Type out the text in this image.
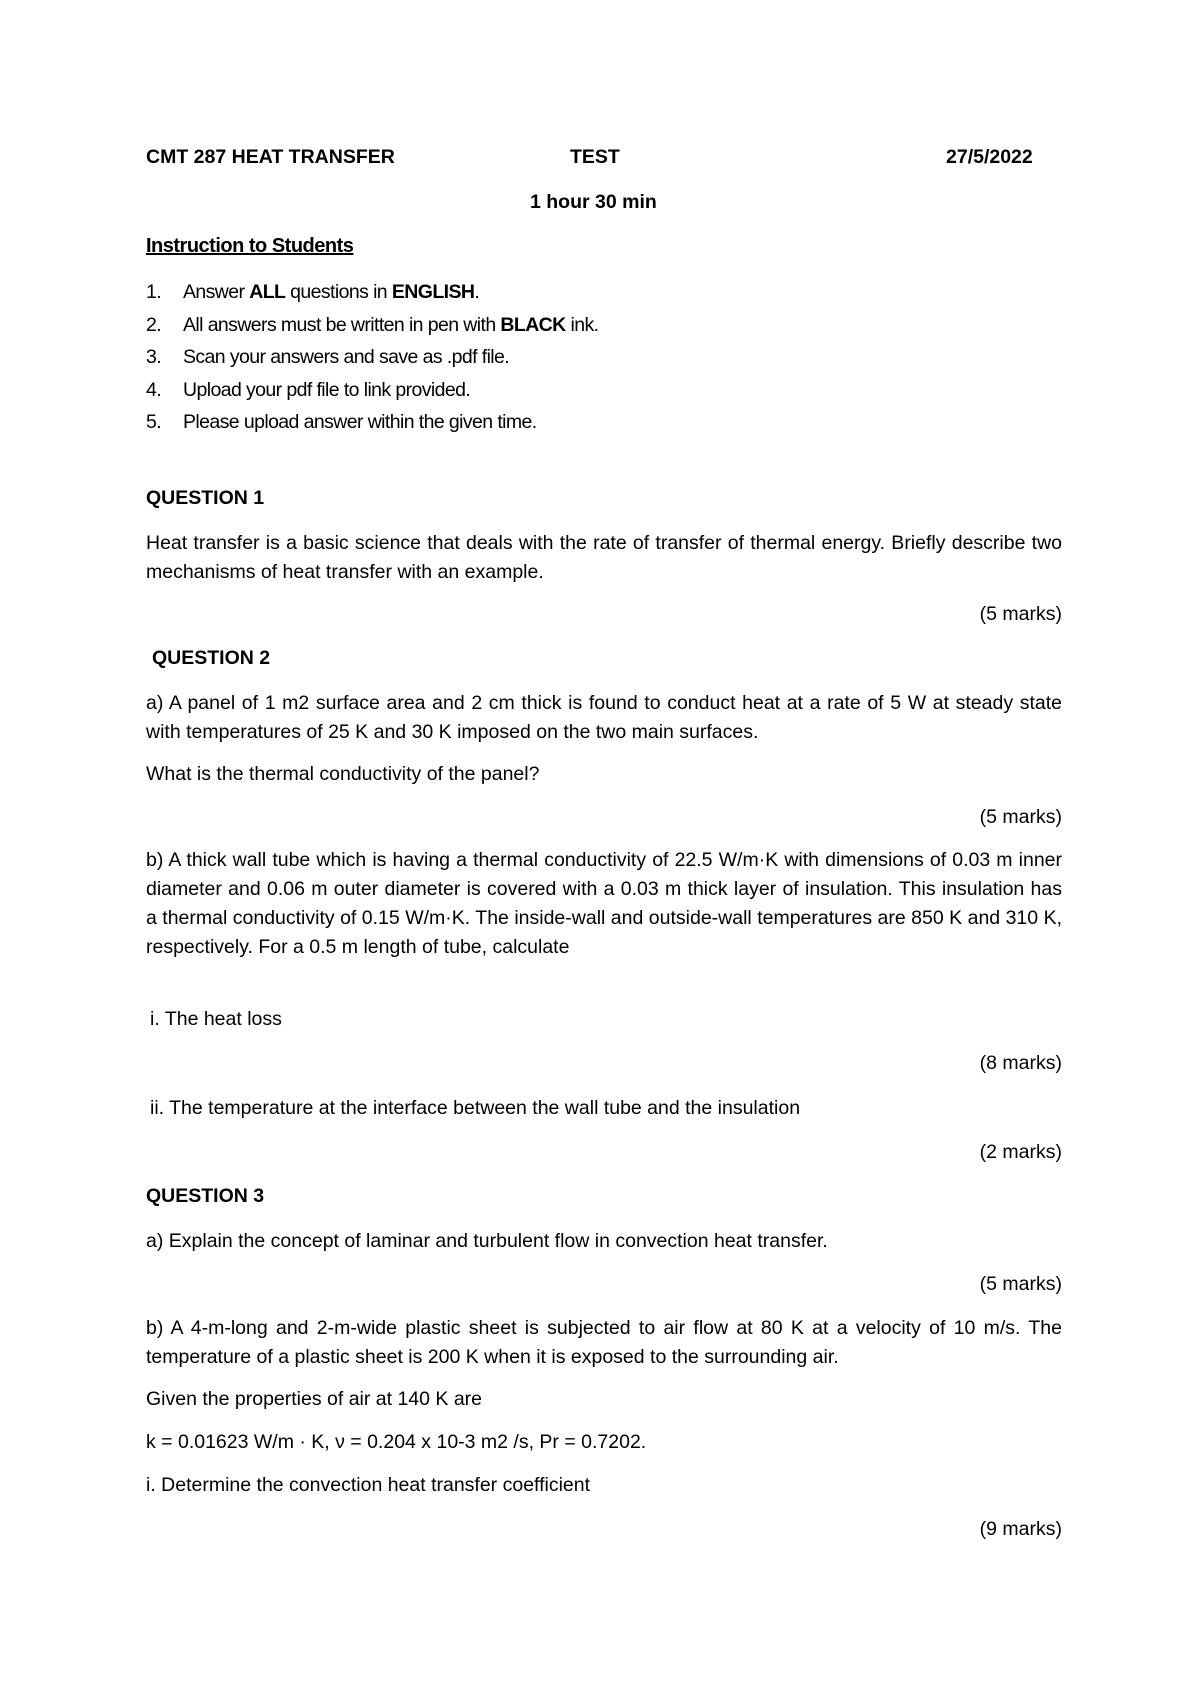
CMT 287 HEAT TRANSFER	TEST	27/5/2022

1 hour 30 min

Instruction to Students

1. Answer ALL questions in ENGLISH.
2. All answers must be written in pen with BLACK ink.
3. Scan your answers and save as .pdf file.
4. Upload your pdf file to link provided.
5. Please upload answer within the given time.

QUESTION 1

Heat transfer is a basic science that deals with the rate of transfer of thermal energy. Briefly describe two mechanisms of heat transfer with an example.

(5 marks)

QUESTION 2

a) A panel of 1 m2 surface area and 2 cm thick is found to conduct heat at a rate of 5 W at steady state with temperatures of 25 K and 30 K imposed on the two main surfaces.

What is the thermal conductivity of the panel?

(5 marks)

b) A thick wall tube which is having a thermal conductivity of 22.5 W/m·K with dimensions of 0.03 m inner diameter and 0.06 m outer diameter is covered with a 0.03 m thick layer of insulation. This insulation has a thermal conductivity of 0.15 W/m·K. The inside-wall and outside-wall temperatures are 850 K and 310 K, respectively. For a 0.5 m length of tube, calculate

i. The heat loss

(8 marks)

ii. The temperature at the interface between the wall tube and the insulation

(2 marks)

QUESTION 3

a) Explain the concept of laminar and turbulent flow in convection heat transfer.

(5 marks)

b) A 4-m-long and 2-m-wide plastic sheet is subjected to air flow at 80 K at a velocity of 10 m/s. The temperature of a plastic sheet is 200 K when it is exposed to the surrounding air.

Given the properties of air at 140 K are

k = 0.01623 W/m · K, ν = 0.204 x 10-3 m2 /s, Pr = 0.7202.

i. Determine the convection heat transfer coefficient

(9 marks)
